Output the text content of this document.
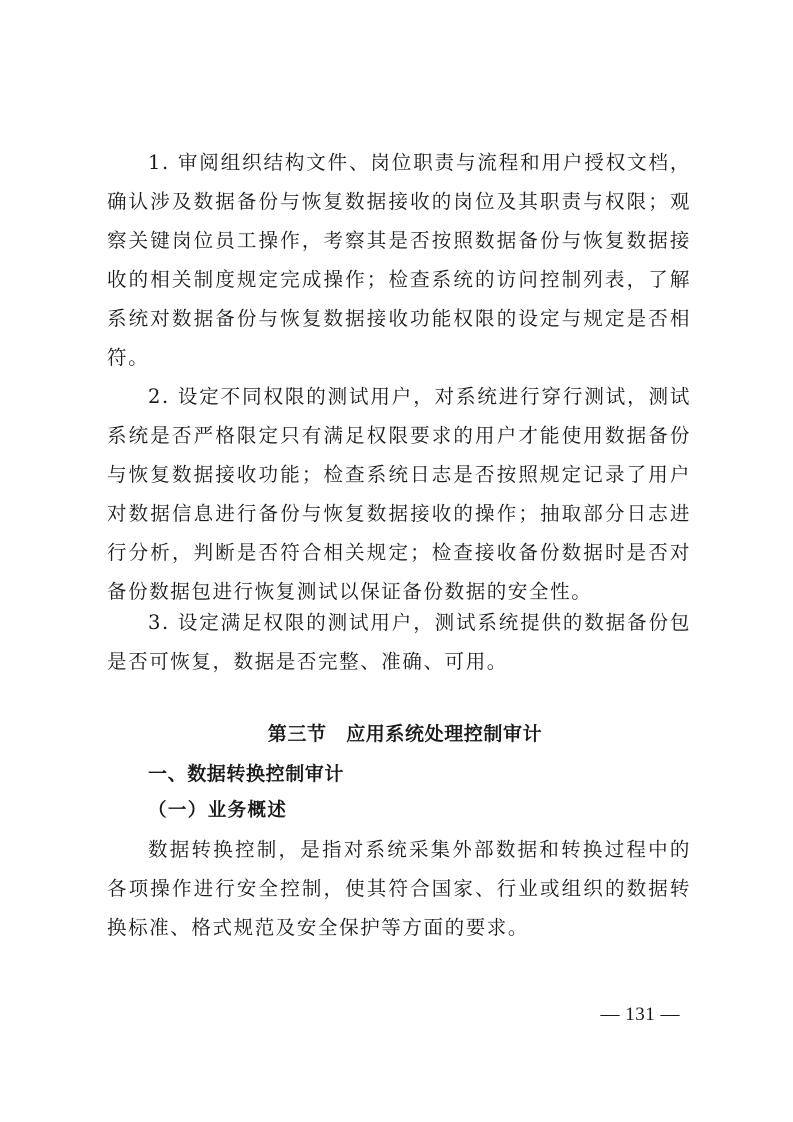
1. 审阅组织结构文件、岗位职责与流程和用户授权文档，确认涉及数据备份与恢复数据接收的岗位及其职责与权限；观察关键岗位员工操作，考察其是否按照数据备份与恢复数据接收的相关制度规定完成操作；检查系统的访问控制列表，了解系统对数据备份与恢复数据接收功能权限的设定与规定是否相符。

2. 设定不同权限的测试用户，对系统进行穿行测试，测试系统是否严格限定只有满足权限要求的用户才能使用数据备份与恢复数据接收功能；检查系统日志是否按照规定记录了用户对数据信息进行备份与恢复数据接收的操作；抽取部分日志进行分析，判断是否符合相关规定；检查接收备份数据时是否对备份数据包进行恢复测试以保证备份数据的安全性。

3. 设定满足权限的测试用户，测试系统提供的数据备份包是否可恢复，数据是否完整、准确、可用。

第三节　应用系统处理控制审计
一、数据转换控制审计
（一）业务概述

数据转换控制，是指对系统采集外部数据和转换过程中的各项操作进行安全控制，使其符合国家、行业或组织的数据转换标准、格式规范及安全保护等方面的要求。

— 131 —
